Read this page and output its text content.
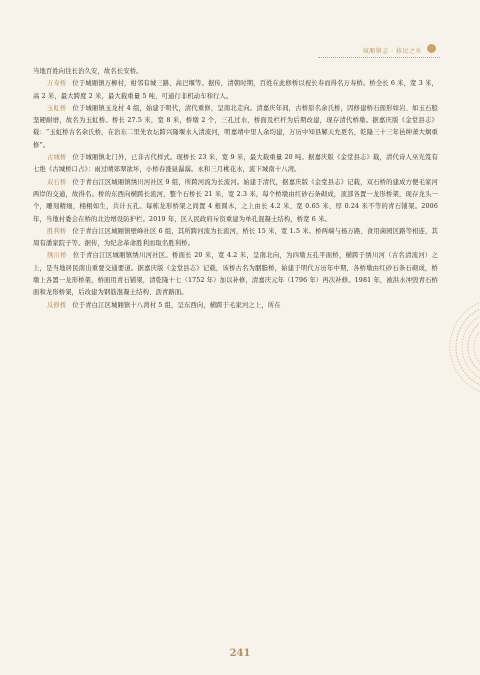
城厢镇志 · 移民之乡

当地百姓向往长治久安，故名长安桥。

万寿桥 位于城厢镇万柳村，柑邻有城三路、高巴堰等。据传，清朝时期，百姓在此修桥以祝长寿而得名万寿桥。桥全长 6 米，宽 3 米，高 2 米，最大跨度 2 米，最大载重量 5 吨，可通行非机动车和行人。

玉虹桥 位于城厢镇玉龙村 4 组，始建于明代，清代重修，呈南北走向。清嘉庆年间，古桥原名余氏桥，因修建桥石面形如岩、如玉石般坚硬耐磨，故名为玉虹桥。桥长 27.5 米，宽 8 米，桥墩 2 个，三孔过水，桥面及栏杆为后期改建，现存清代桥墩。据嘉庆版《金堂县志》载：“玉虹桥古名余氏桥，在治东二里先农坛跨兴隆堰水入清流河，明嘉靖中里人余均建，万历中知县解天允更名，乾隆三十三年邑绅萧大炯重修”。

古城桥 位于城厢镇北门外，已非古代样式。现桥长 23 米，宽 9 米，最大载重量 20 吨。据嘉庆版《金堂县志》载，清代诗人巫光笈有七绝《古城桥口占》：雨过晴郊翠欲坏，小桥春涨昼潺潺。永和三月桃花水，流下城南十八湾。

双石桥 位于青白江区城厢镇绣川河社区 9 组，所跨河流为长流河。始建于清代，据嘉庆版《金堂县志》记载，双石桥的建成方便毛家河两岸的交通，故得名。桥的东西向横跨长流河，整个石桥长 21 米，宽 2.3 米，每个桥墩由红砂石条砌成，顶部各置一龙形桥架，现存龙头一个，雕刻精细，栩栩如生，共计五孔。每栋龙形桥架之间置 4 根圆木，之上由长 4.2 米、宽 0.65 米、厚 0.24 米不等的青石铺架。2006 年，当地村委会在桥的北边增设防护栏。2019 年，区人民政府斥资重建为单孔混凝土结构，桥宽 6 米。

胜利桥 位于青白江区城厢镇壁峰社区 6 组，其所跨河流为长流河，桥长 15 米，宽 1.5 米。桥两端与杨万路、食用菌园区路等相连，其周有潘家院子等。据传，为纪念革命胜利而取名胜利桥。

绣川桥 位于青白江区城厢镇绣川河社区。桥面长 20 米，宽 4.2 米，呈南北向，为四墩五孔平面桥，横跨于绣川河（古名清流河）之上，是当地居民南出重要交通要道。据嘉庆版《金堂县志》记载，该桥古名为胭脂桥，始建于明代万历年中期，各桥墩由红砂石条石砌成，桥墩上各置一龙形桥架，桥面用青石铺架，清乾隆十七（1752 年）加以补修，清嘉庆元年（1796 年）再次补修。1981 年，被洪水冲毁青石桥面和龙形桥架，后改建为钢筋混凝土结构、沥青路面。

反修桥 位于青白江区城厢镇十八湾村 5 组，呈东西向，横跨于毛家河之上，所在

241
